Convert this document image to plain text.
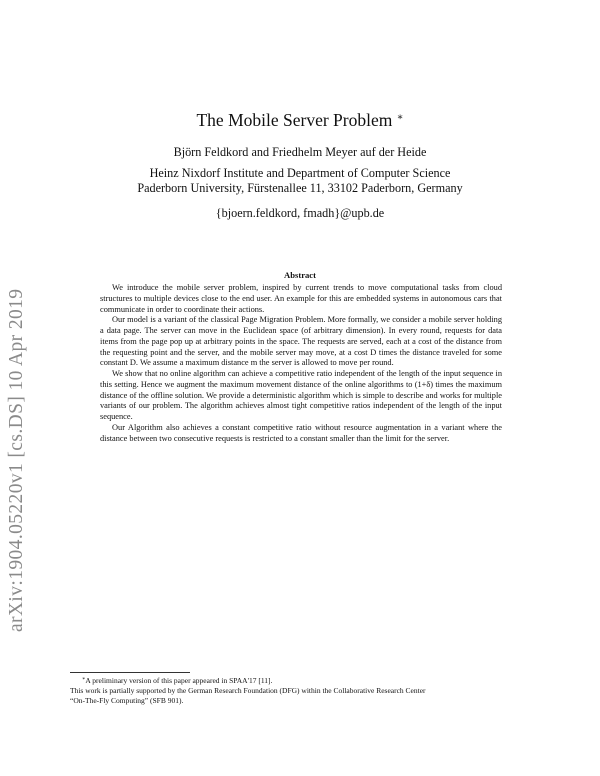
arXiv:1904.05220v1 [cs.DS] 10 Apr 2019
The Mobile Server Problem ∗
Björn Feldkord and Friedhelm Meyer auf der Heide
Heinz Nixdorf Institute and Department of Computer Science
Paderborn University, Fürstenallee 11, 33102 Paderborn, Germany
{bjoern.feldkord, fmadh}@upb.de
Abstract

We introduce the mobile server problem, inspired by current trends to move computational tasks from cloud structures to multiple devices close to the end user. An example for this are embedded systems in autonomous cars that communicate in order to coordinate their actions.

Our model is a variant of the classical Page Migration Problem. More formally, we consider a mobile server holding a data page. The server can move in the Euclidean space (of arbitrary dimension). In every round, requests for data items from the page pop up at arbitrary points in the space. The requests are served, each at a cost of the distance from the requesting point and the server, and the mobile server may move, at a cost D times the distance traveled for some constant D. We assume a maximum distance m the server is allowed to move per round.

We show that no online algorithm can achieve a competitive ratio independent of the length of the input sequence in this setting. Hence we augment the maximum movement distance of the online algorithms to (1+δ) times the maximum distance of the offline solution. We provide a deterministic algorithm which is simple to describe and works for multiple variants of our problem. The algorithm achieves almost tight competitive ratios independent of the length of the input sequence.

Our Algorithm also achieves a constant competitive ratio without resource augmentation in a variant where the distance between two consecutive requests is restricted to a constant smaller than the limit for the server.

∗A preliminary version of this paper appeared in SPAA'17 [11].
This work is partially supported by the German Research Foundation (DFG) within the Collaborative Research Center
“On-The-Fly Computing” (SFB 901).
